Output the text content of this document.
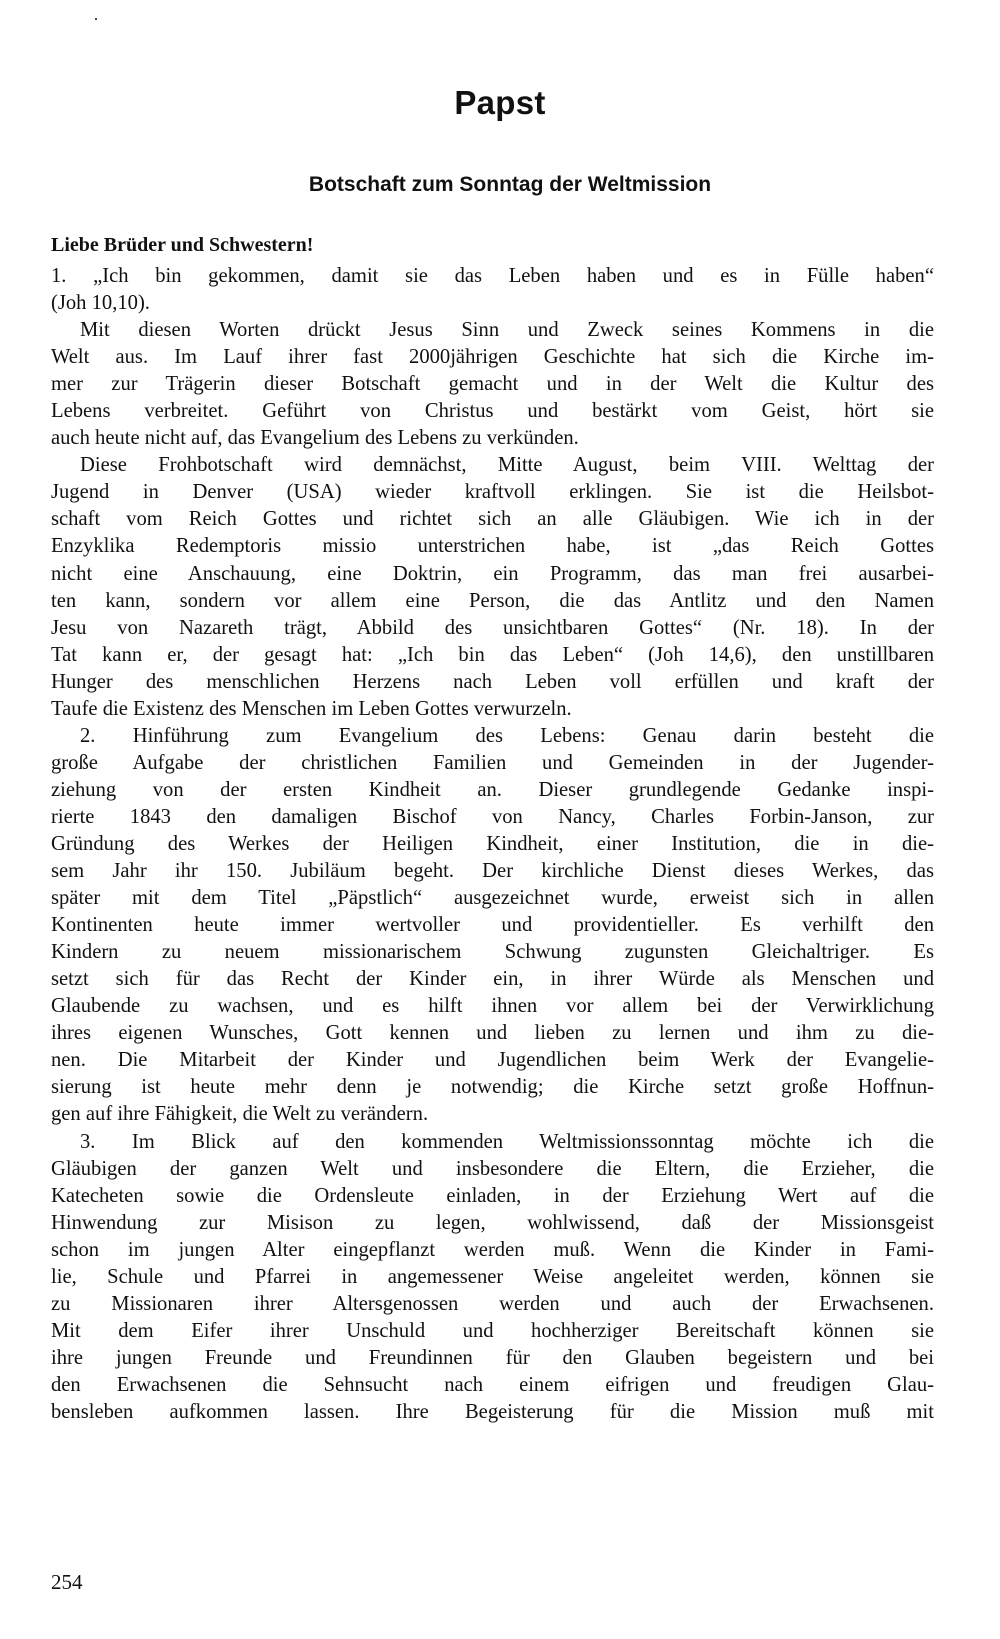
Papst
Botschaft zum Sonntag der Weltmission

Liebe Brüder und Schwestern!

1. „Ich bin gekommen, damit sie das Leben haben und es in Fülle haben“
(Joh 10,10).
Mit diesen Worten drückt Jesus Sinn und Zweck seines Kommens in die
Welt aus. Im Lauf ihrer fast 2000jährigen Geschichte hat sich die Kirche im-
mer zur Trägerin dieser Botschaft gemacht und in der Welt die Kultur des
Lebens verbreitet. Geführt von Christus und bestärkt vom Geist, hört sie
auch heute nicht auf, das Evangelium des Lebens zu verkünden.
Diese Frohbotschaft wird demnächst, Mitte August, beim VIII. Welttag der
Jugend in Denver (USA) wieder kraftvoll erklingen. Sie ist die Heilsbot-
schaft vom Reich Gottes und richtet sich an alle Gläubigen. Wie ich in der
Enzyklika Redemptoris missio unterstrichen habe, ist „das Reich Gottes
nicht eine Anschauung, eine Doktrin, ein Programm, das man frei ausarbei-
ten kann, sondern vor allem eine Person, die das Antlitz und den Namen
Jesu von Nazareth trägt, Abbild des unsichtbaren Gottes“ (Nr. 18). In der
Tat kann er, der gesagt hat: „Ich bin das Leben“ (Joh 14,6), den unstillbaren
Hunger des menschlichen Herzens nach Leben voll erfüllen und kraft der
Taufe die Existenz des Menschen im Leben Gottes verwurzeln.
2. Hinführung zum Evangelium des Lebens: Genau darin besteht die
große Aufgabe der christlichen Familien und Gemeinden in der Jugender-
ziehung von der ersten Kindheit an. Dieser grundlegende Gedanke inspi-
rierte 1843 den damaligen Bischof von Nancy, Charles Forbin-Janson, zur
Gründung des Werkes der Heiligen Kindheit, einer Institution, die in die-
sem Jahr ihr 150. Jubiläum begeht. Der kirchliche Dienst dieses Werkes, das
später mit dem Titel „Päpstlich“ ausgezeichnet wurde, erweist sich in allen
Kontinenten heute immer wertvoller und providentieller. Es verhilft den
Kindern zu neuem missionarischem Schwung zugunsten Gleichaltriger. Es
setzt sich für das Recht der Kinder ein, in ihrer Würde als Menschen und
Glaubende zu wachsen, und es hilft ihnen vor allem bei der Verwirklichung
ihres eigenen Wunsches, Gott kennen und lieben zu lernen und ihm zu die-
nen. Die Mitarbeit der Kinder und Jugendlichen beim Werk der Evangelie-
sierung ist heute mehr denn je notwendig; die Kirche setzt große Hoffnun-
gen auf ihre Fähigkeit, die Welt zu verändern.
3. Im Blick auf den kommenden Weltmissionssonntag möchte ich die
Gläubigen der ganzen Welt und insbesondere die Eltern, die Erzieher, die
Katecheten sowie die Ordensleute einladen, in der Erziehung Wert auf die
Hinwendung zur Misison zu legen, wohlwissend, daß der Missionsgeist
schon im jungen Alter eingepflanzt werden muß. Wenn die Kinder in Fami-
lie, Schule und Pfarrei in angemessener Weise angeleitet werden, können sie
zu Missionaren ihrer Altersgenossen werden und auch der Erwachsenen.
Mit dem Eifer ihrer Unschuld und hochherziger Bereitschaft können sie
ihre jungen Freunde und Freundinnen für den Glauben begeistern und bei
den Erwachsenen die Sehnsucht nach einem eifrigen und freudigen Glau-
bensleben aufkommen lassen. Ihre Begeisterung für die Mission muß mit

254
